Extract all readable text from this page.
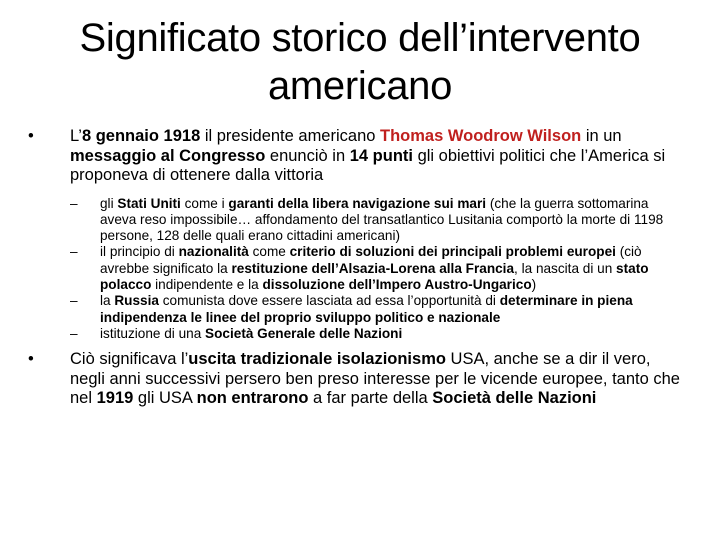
Significato storico dell’intervento
americano
•	L’8 gennaio 1918 il presidente americano Thomas Woodrow Wilson in un messaggio al Congresso enunciò in 14 punti gli obiettivi politici che l’America si proponeva di ottenere dalla vittoria
–	gli Stati Uniti come i garanti della libera navigazione sui mari (che la guerra sottomarina aveva reso impossibile… affondamento del transatlantico Lusitania comportò la morte di 1198 persone, 128 delle quali erano cittadini americani)
–	il principio di nazionalità come criterio di soluzioni dei principali problemi europei (ciò avrebbe significato la restituzione dell’Alsazia-Lorena alla Francia, la nascita di un stato polacco indipendente e la dissoluzione dell’Impero Austro-Ungarico)
–	la Russia comunista dove essere lasciata ad essa l’opportunità di determinare in piena indipendenza le linee del proprio sviluppo politico e nazionale
–	istituzione di una Società Generale delle Nazioni
•	Ciò significava l’uscita tradizionale isolazionismo USA, anche se a dir il vero, negli anni successivi persero ben preso interesse per le vicende europee, tanto che nel 1919 gli USA non entrarono a far parte della Società delle Nazioni
